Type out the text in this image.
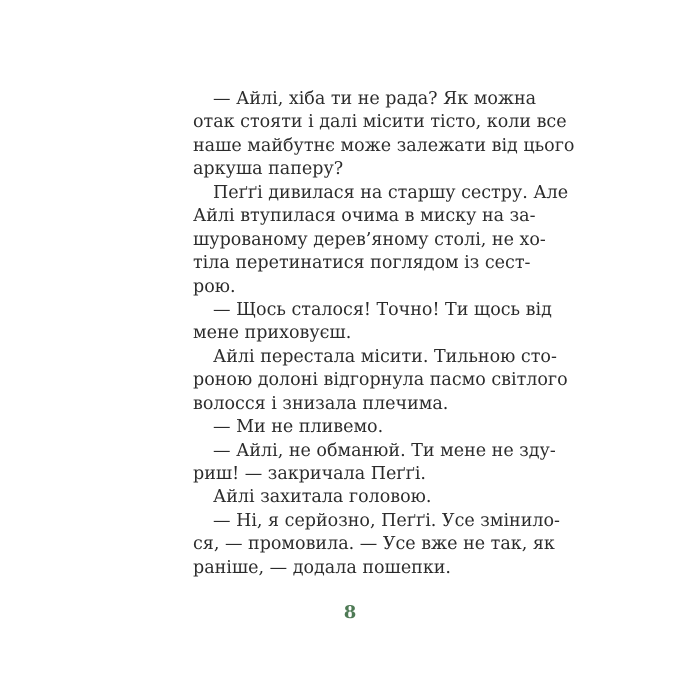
— Айлі, хіба ти не рада? Як можна
отак стояти і далі місити тісто, коли все
наше майбутнє може залежати від цього
аркуша паперу?
Пеґґі дивилася на старшу сестру. Але
Айлі втупилася очима в миску на за-
шурованому дерев’яному столі, не хо-
тіла перетинатися поглядом із сест-
рою.
— Щось сталося! Точно! Ти щось від
мене приховуєш.
Айлі перестала місити. Тильною сто-
роною долоні відгорнула пасмо світлого
волосся і знизала плечима.
— Ми не пливемо.
— Айлі, не обманюй. Ти мене не зду-
риш! — закричала Пеґґі.
Айлі захитала головою.
— Ні, я серйозно, Пеґґі. Усе змінило-
ся, — промовила. — Усе вже не так, як
раніше, — додала пошепки.
8
